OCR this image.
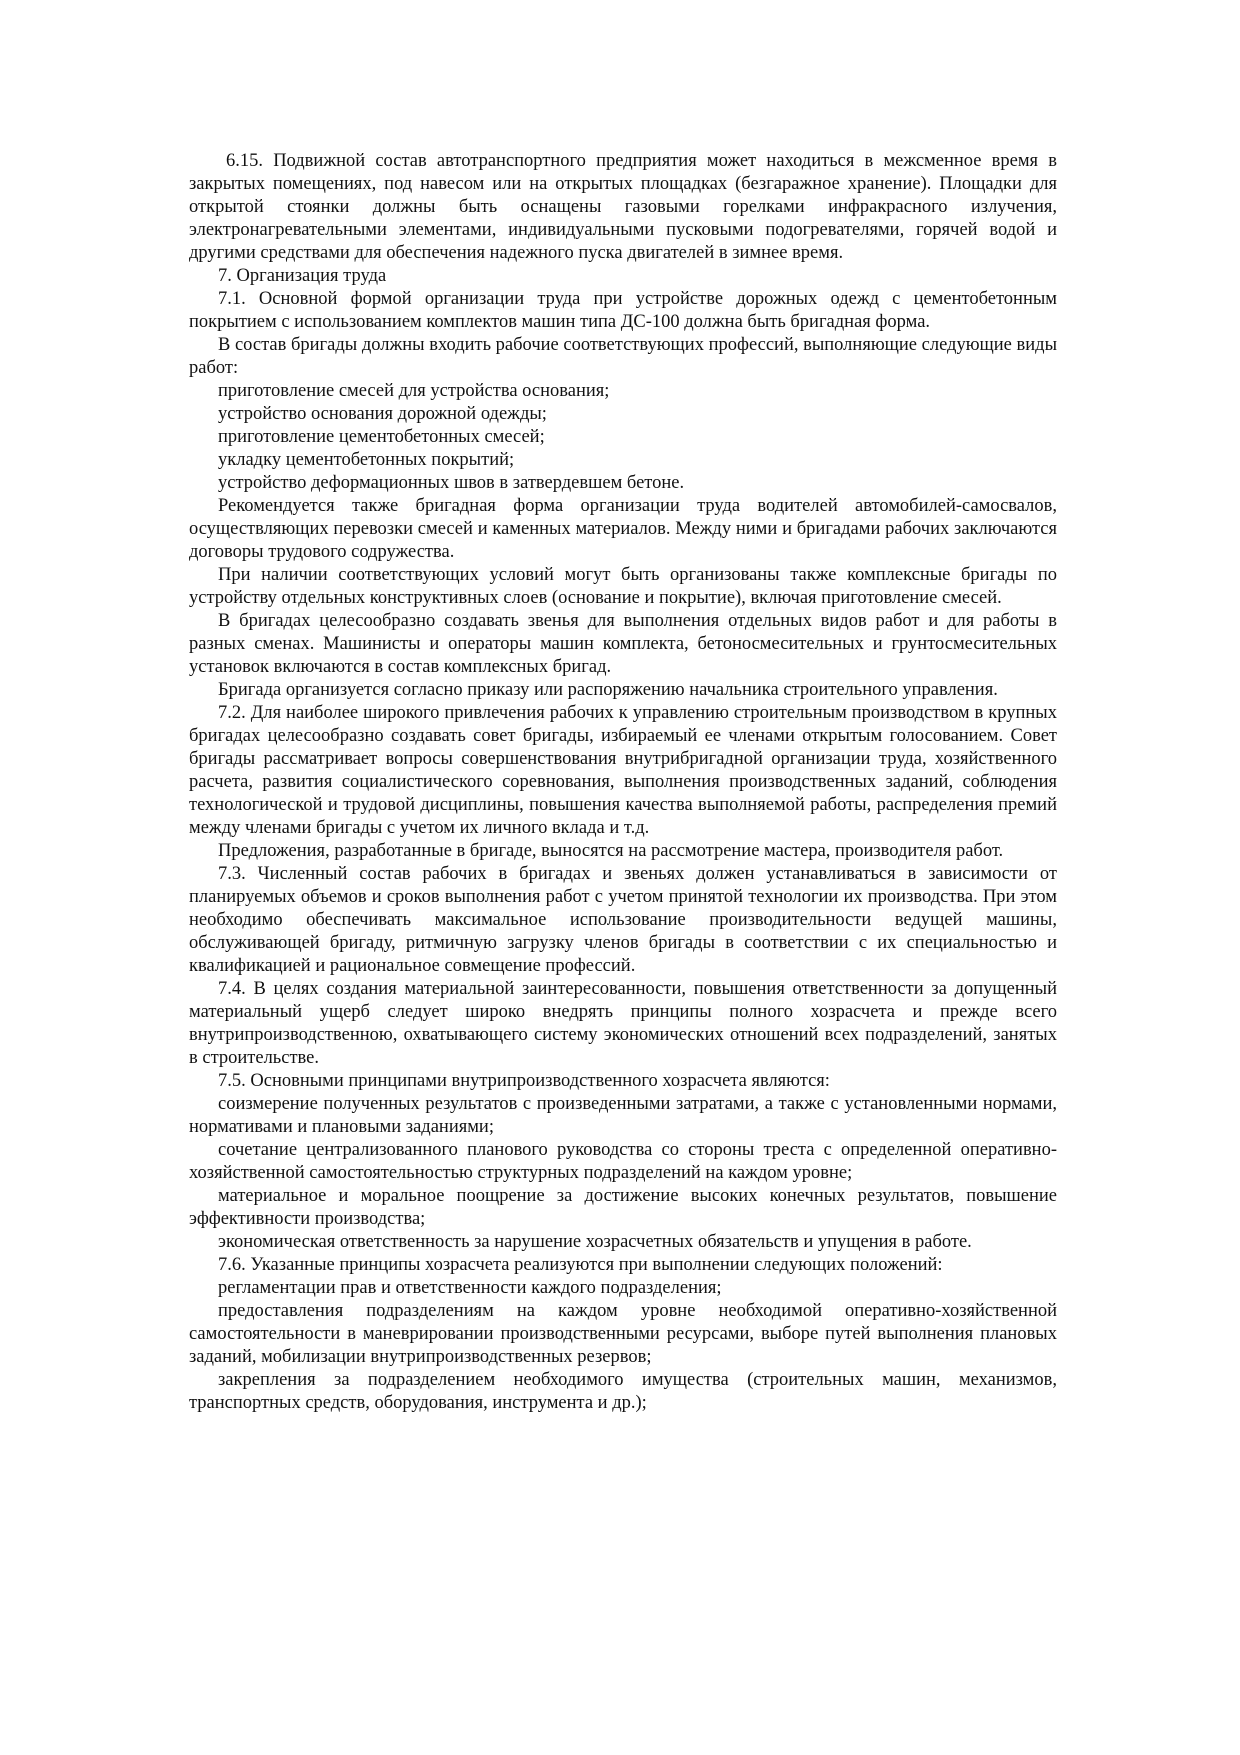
6.15. Подвижной состав автотранспортного предприятия может находиться в межсменное время в закрытых помещениях, под навесом или на открытых площадках (безгаражное хранение). Площадки для открытой стоянки должны быть оснащены газовыми горелками инфракрасного излучения, электронагревательными элементами, индивидуальными пусковыми подогревателями, горячей водой и другими средствами для обеспечения надежного пуска двигателей в зимнее время.

7. Организация труда

7.1. Основной формой организации труда при устройстве дорожных одежд с цементобетонным покрытием с использованием комплектов машин типа ДС-100 должна быть бригадная форма.

В состав бригады должны входить рабочие соответствующих профессий, выполняющие следующие виды работ:

приготовление смесей для устройства основания;

устройство основания дорожной одежды;

приготовление цементобетонных смесей;

укладку цементобетонных покрытий;

устройство деформационных швов в затвердевшем бетоне.

Рекомендуется также бригадная форма организации труда водителей автомобилей-самосвалов, осуществляющих перевозки смесей и каменных материалов. Между ними и бригадами рабочих заключаются договоры трудового содружества.

При наличии соответствующих условий могут быть организованы также комплексные бригады по устройству отдельных конструктивных слоев (основание и покрытие), включая приготовление смесей.

В бригадах целесообразно создавать звенья для выполнения отдельных видов работ и для работы в разных сменах. Машинисты и операторы машин комплекта, бетоносмесительных и грунтосмесительных установок включаются в состав комплексных бригад.

Бригада организуется согласно приказу или распоряжению начальника строительного управления.

7.2. Для наиболее широкого привлечения рабочих к управлению строительным производством в крупных бригадах целесообразно создавать совет бригады, избираемый ее членами открытым голосованием. Совет бригады рассматривает вопросы совершенствования внутрибригадной организации труда, хозяйственного расчета, развития социалистического соревнования, выполнения производственных заданий, соблюдения технологической и трудовой дисциплины, повышения качества выполняемой работы, распределения премий между членами бригады с учетом их личного вклада и т.д.

Предложения, разработанные в бригаде, выносятся на рассмотрение мастера, производителя работ.

7.3. Численный состав рабочих в бригадах и звеньях должен устанавливаться в зависимости от планируемых объемов и сроков выполнения работ с учетом принятой технологии их производства. При этом необходимо обеспечивать максимальное использование производительности ведущей машины, обслуживающей бригаду, ритмичную загрузку членов бригады в соответствии с их специальностью и квалификацией и рациональное совмещение профессий.

7.4. В целях создания материальной заинтересованности, повышения ответственности за допущенный материальный ущерб следует широко внедрять принципы полного хозрасчета и прежде всего внутрипроизводственною, охватывающего систему экономических отношений всех подразделений, занятых в строительстве.

7.5. Основными принципами внутрипроизводственного хозрасчета являются:

соизмерение полученных результатов с произведенными затратами, а также с установленными нормами, нормативами и плановыми заданиями;

сочетание централизованного планового руководства со стороны треста с определенной оперативно-хозяйственной самостоятельностью структурных подразделений на каждом уровне;

материальное и моральное поощрение за достижение высоких конечных результатов, повышение эффективности производства;

экономическая ответственность за нарушение хозрасчетных обязательств и упущения в работе.

7.6. Указанные принципы хозрасчета реализуются при выполнении следующих положений:

регламентации прав и ответственности каждого подразделения;

предоставления подразделениям на каждом уровне необходимой оперативно-хозяйственной самостоятельности в маневрировании производственными ресурсами, выборе путей выполнения плановых заданий, мобилизации внутрипроизводственных резервов;

закрепления за подразделением необходимого имущества (строительных машин, механизмов, транспортных средств, оборудования, инструмента и др.);
